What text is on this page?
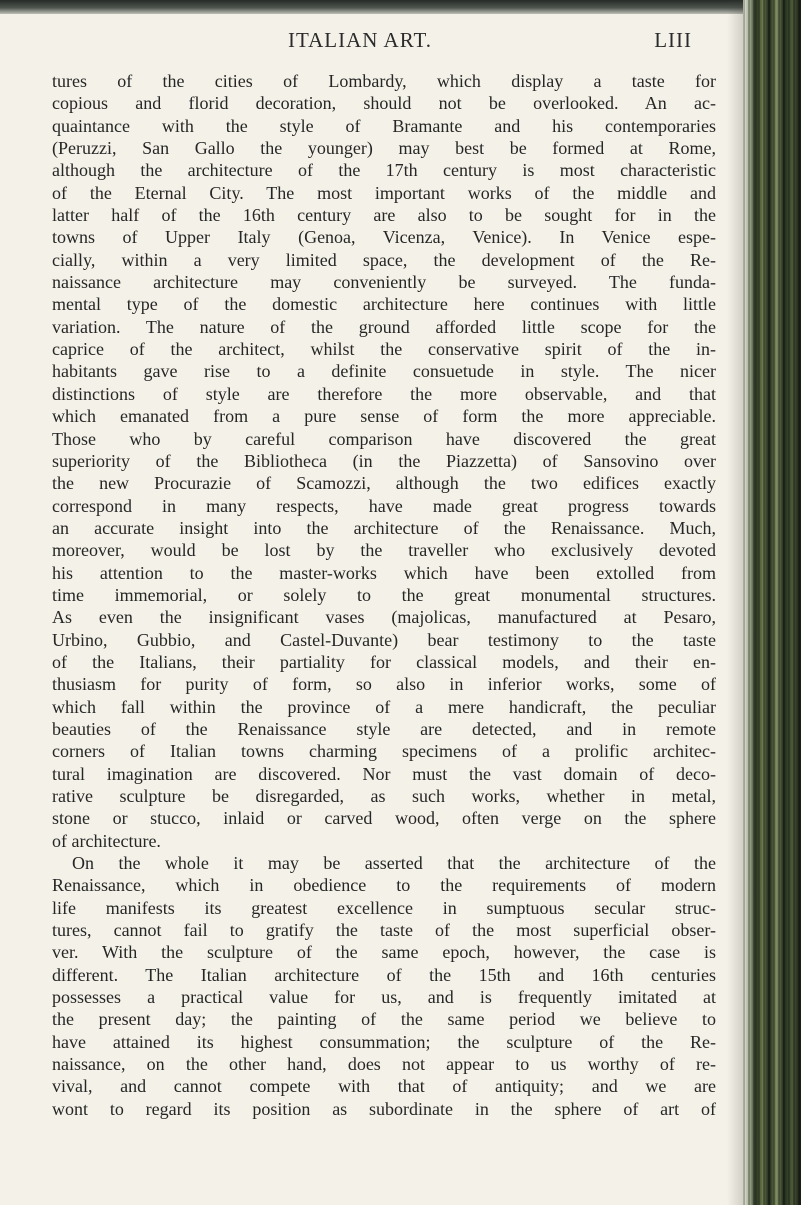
ITALIAN ART.	LIII
tures of the cities of Lombardy, which display a taste for
copious and florid decoration, should not be overlooked. An ac-
quaintance with the style of Bramante and his contemporaries
(Peruzzi, San Gallo the younger) may best be formed at Rome,
although the architecture of the 17th century is most characteristic
of the Eternal City. The most important works of the middle and
latter half of the 16th century are also to be sought for in the
towns of Upper Italy (Genoa, Vicenza, Venice). In Venice espe-
cially, within a very limited space, the development of the Re-
naissance architecture may conveniently be surveyed. The funda-
mental type of the domestic architecture here continues with little
variation. The nature of the ground afforded little scope for the
caprice of the architect, whilst the conservative spirit of the in-
habitants gave rise to a definite consuetude in style. The nicer
distinctions of style are therefore the more observable, and that
which emanated from a pure sense of form the more appreciable.
Those who by careful comparison have discovered the great
superiority of the Bibliotheca (in the Piazzetta) of Sansovino over
the new Procurazie of Scamozzi, although the two edifices exactly
correspond in many respects, have made great progress towards
an accurate insight into the architecture of the Renaissance. Much,
moreover, would be lost by the traveller who exclusively devoted
his attention to the master-works which have been extolled from
time immemorial, or solely to the great monumental structures.
As even the insignificant vases (majolicas, manufactured at Pesaro,
Urbino, Gubbio, and Castel-Duvante) bear testimony to the taste
of the Italians, their partiality for classical models, and their en-
thusiasm for purity of form, so also in inferior works, some of
which fall within the province of a mere handicraft, the peculiar
beauties of the Renaissance style are detected, and in remote
corners of Italian towns charming specimens of a prolific architec-
tural imagination are discovered. Nor must the vast domain of deco-
rative sculpture be disregarded, as such works, whether in metal,
stone or stucco, inlaid or carved wood, often verge on the sphere
of architecture.
On the whole it may be asserted that the architecture of the
Renaissance, which in obedience to the requirements of modern
life manifests its greatest excellence in sumptuous secular struc-
tures, cannot fail to gratify the taste of the most superficial obser-
ver. With the sculpture of the same epoch, however, the case is
different. The Italian architecture of the 15th and 16th centuries
possesses a practical value for us, and is frequently imitated at
the present day; the painting of the same period we believe to
have attained its highest consummation; the sculpture of the Re-
naissance, on the other hand, does not appear to us worthy of re-
vival, and cannot compete with that of antiquity; and we are
wont to regard its position as subordinate in the sphere of art of
